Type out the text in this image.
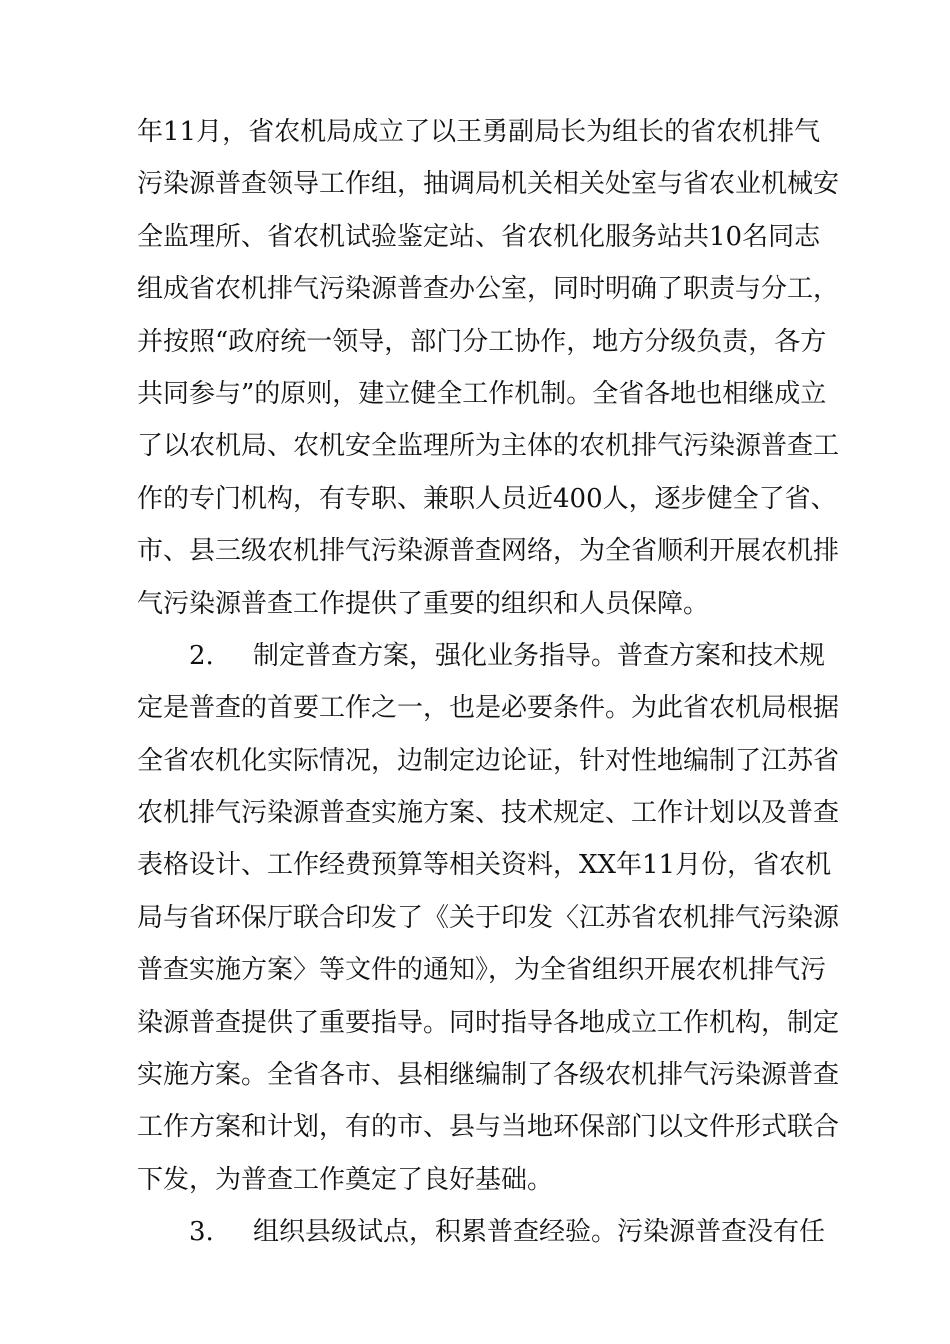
年11月，省农机局成立了以王勇副局长为组长的省农机排气
污染源普查领导工作组，抽调局机关相关处室与省农业机械安
全监理所、省农机试验鉴定站、省农机化服务站共10名同志
组成省农机排气污染源普查办公室，同时明确了职责与分工，
并按照“政府统一领导，部门分工协作，地方分级负责，各方
共同参与”的原则，建立健全工作机制。全省各地也相继成立
了以农机局、农机安全监理所为主体的农机排气污染源普查工
作的专门机构，有专职、兼职人员近400人，逐步健全了省、
市、县三级农机排气污染源普查网络，为全省顺利开展农机排
气污染源普查工作提供了重要的组织和人员保障。
2. 制定普查方案，强化业务指导。普查方案和技术规
定是普查的首要工作之一，也是必要条件。为此省农机局根据
全省农机化实际情况，边制定边论证，针对性地编制了江苏省
农机排气污染源普查实施方案、技术规定、工作计划以及普查
表格设计、工作经费预算等相关资料，XX年11月份，省农机
局与省环保厅联合印发了《关于印发〈江苏省农机排气污染源
普查实施方案〉等文件的通知》，为全省组织开展农机排气污
染源普查提供了重要指导。同时指导各地成立工作机构，制定
实施方案。全省各市、县相继编制了各级农机排气污染源普查
工作方案和计划，有的市、县与当地环保部门以文件形式联合
下发，为普查工作奠定了良好基础。
3. 组织县级试点，积累普查经验。污染源普查没有任
